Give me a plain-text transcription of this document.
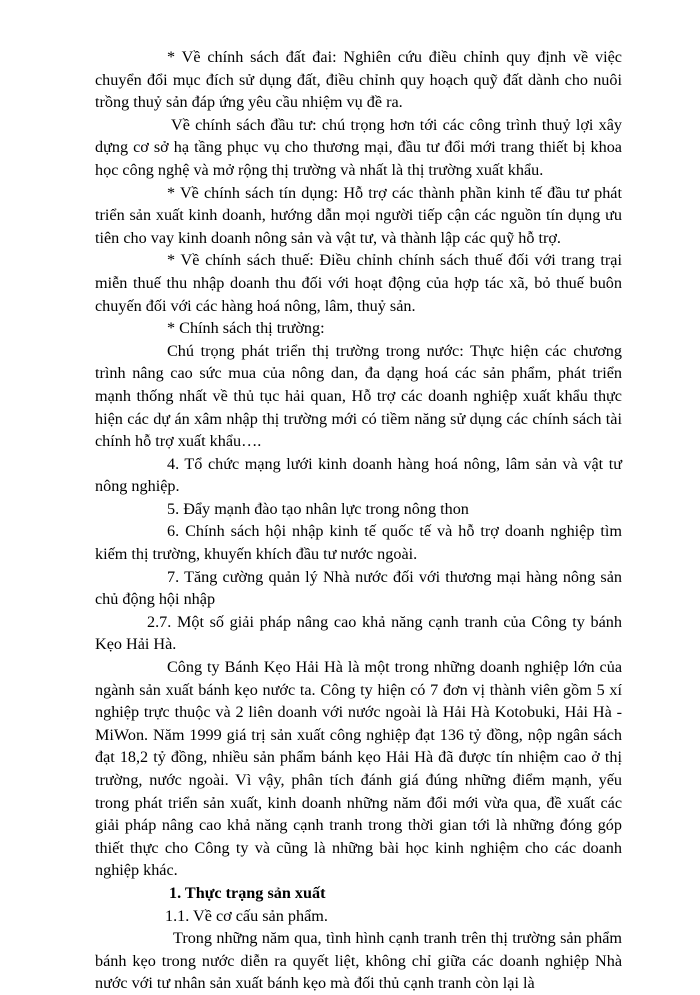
* Về chính sách đất đai: Nghiên cứu điều chỉnh quy định về việc chuyển đổi mục đích sử dụng đất, điều chỉnh quy hoạch quỹ đất dành cho nuôi trồng thuỷ sản đáp ứng yêu cầu nhiệm vụ đề ra.

Về chính sách đầu tư: chú trọng hơn tới các công trình thuỷ lợi xây dựng cơ sở hạ tầng phục vụ cho thương mại, đầu tư đổi mới trang thiết bị khoa học công nghệ và mở rộng thị trường và nhất là thị trường xuất khẩu.

* Về chính sách tín dụng: Hỗ trợ các thành phần kinh tế đầu tư phát triển sản xuất kinh doanh, hướng dẫn mọi người tiếp cận các nguồn tín dụng ưu tiên cho vay kinh doanh nông sản và vật tư, và thành lập các quỹ hỗ trợ.

* Về chính sách thuế: Điều chỉnh chính sách thuế đối với trang trại miễn thuế thu nhập doanh thu đối với hoạt động của hợp tác xã, bỏ thuế buôn chuyến đối với các hàng hoá nông, lâm, thuỷ sản.

* Chính sách thị trường:

Chú trọng phát triển thị trường trong nước: Thực hiện các chương trình nâng cao sức mua của nông dan, đa dạng hoá các sản phẩm, phát triển mạnh thống nhất về thủ tục hải quan, Hỗ trợ các doanh nghiệp xuất khẩu thực hiện các dự án xâm nhập thị trường mới có tiềm năng sử dụng các chính sách tài chính hỗ trợ xuất khẩu….

4. Tổ chức mạng lưới kinh doanh hàng hoá nông, lâm sản và vật tư nông nghiệp.

5. Đẩy mạnh đào tạo nhân lực trong nông thon

6. Chính sách hội nhập kinh tế quốc tế và hỗ trợ doanh nghiệp tìm kiếm thị trường, khuyến khích đầu tư nước ngoài.

7. Tăng cường quản lý Nhà nước đối với thương mại hàng nông sản chủ động hội nhập

2.7. Một số giải pháp nâng cao khả năng cạnh tranh của Công ty bánh Kẹo Hải Hà.

Công ty Bánh Kẹo Hải Hà là một trong những doanh nghiệp lớn của ngành sản xuất bánh kẹo nước ta. Công ty hiện có 7 đơn vị thành viên gồm 5 xí nghiệp trực thuộc và 2 liên doanh với nước ngoài là Hải Hà Kotobuki, Hải Hà - MiWon. Năm 1999 giá trị sản xuất công nghiệp đạt 136 tỷ đồng, nộp ngân sách đạt 18,2 tỷ đồng, nhiều sản phẩm bánh kẹo Hải Hà đã được tín nhiệm cao ở thị trường, nước ngoài. Vì vậy, phân tích đánh giá đúng những điểm mạnh, yếu trong phát triển sản xuất, kinh doanh những năm đổi mới vừa qua, đề xuất các giải pháp nâng cao khả năng cạnh tranh trong thời gian tới là những đóng góp thiết thực cho Công ty và cũng là những bài học kinh nghiệm cho các doanh nghiệp khác.

1. Thực trạng sản xuất

1.1. Về cơ cấu sản phẩm.

Trong những năm qua, tình hình cạnh tranh trên thị trường sản phẩm bánh kẹo trong nước diễn ra quyết liệt, không chỉ giữa các doanh nghiệp Nhà nước với tư nhân sản xuất bánh kẹo mà đối thủ cạnh tranh còn lại là
